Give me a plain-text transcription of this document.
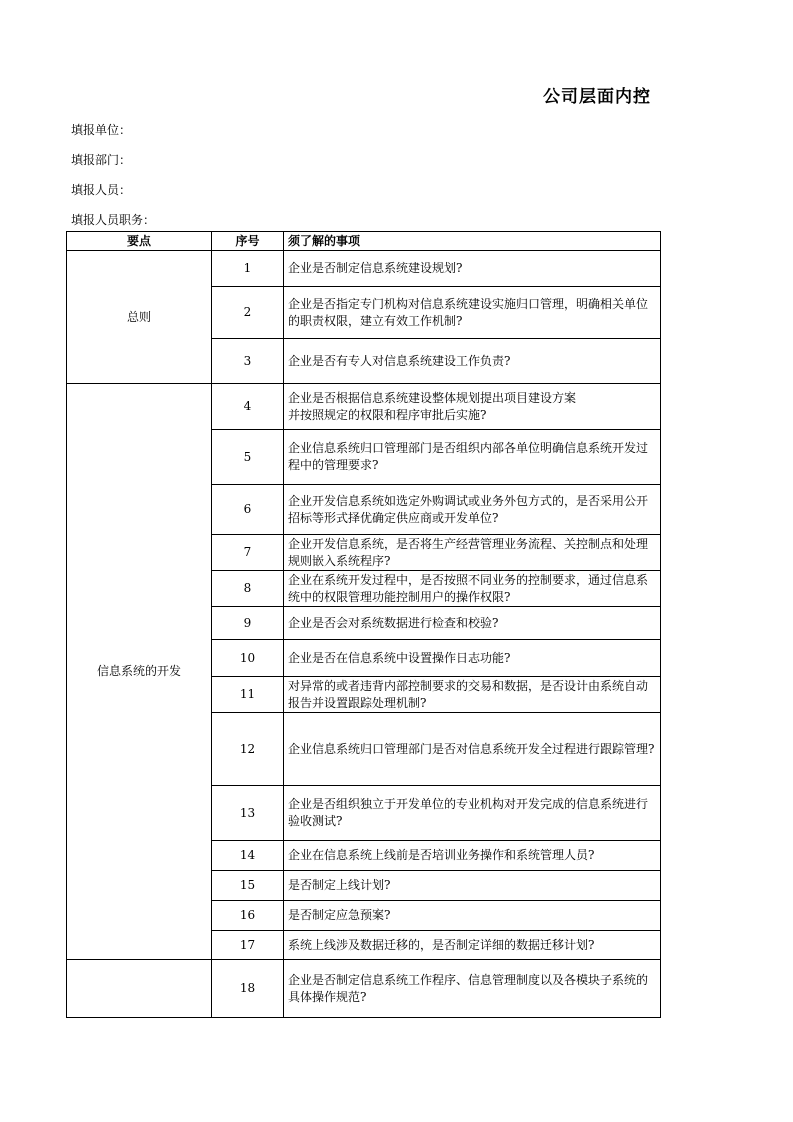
公司层面内控
填报单位：
填报部门：
填报人员：
填报人员职务：
要点	序号	须了解的事项
总则	1	企业是否制定信息系统建设规划?
	2	企业是否指定专门机构对信息系统建设实施归口管理，明确相关单位的职责权限，建立有效工作机制?
	3	企业是否有专人对信息系统建设工作负责?
信息系统的开发	4	企业是否根据信息系统建设整体规划提出项目建设方案
并按照规定的权限和程序审批后实施?
	5	企业信息系统归口管理部门是否组织内部各单位明确信息系统开发过程中的管理要求?
	6	企业开发信息系统如选定外购调试或业务外包方式的，是否采用公开招标等形式择优确定供应商或开发单位?
	7	企业开发信息系统，是否将生产经营管理业务流程、关控制点和处理规则嵌入系统程序?
	8	企业在系统开发过程中，是否按照不同业务的控制要求，通过信息系统中的权限管理功能控制用户的操作权限?
	9	企业是否会对系统数据进行检查和校验?
	10	企业是否在信息系统中设置操作日志功能?
	11	对异常的或者违背内部控制要求的交易和数据，是否设计由系统自动报告并设置跟踪处理机制?
	12	企业信息系统归口管理部门是否对信息系统开发全过程进行跟踪管理?
	13	企业是否组织独立于开发单位的专业机构对开发完成的信息系统进行验收测试?
	14	企业在信息系统上线前是否培训业务操作和系统管理人员?
	15	是否制定上线计划?
	16	是否制定应急预案?
	17	系统上线涉及数据迁移的，是否制定详细的数据迁移计划?
	18	企业是否制定信息系统工作程序、信息管理制度以及各模块子系统的具体操作规范?
